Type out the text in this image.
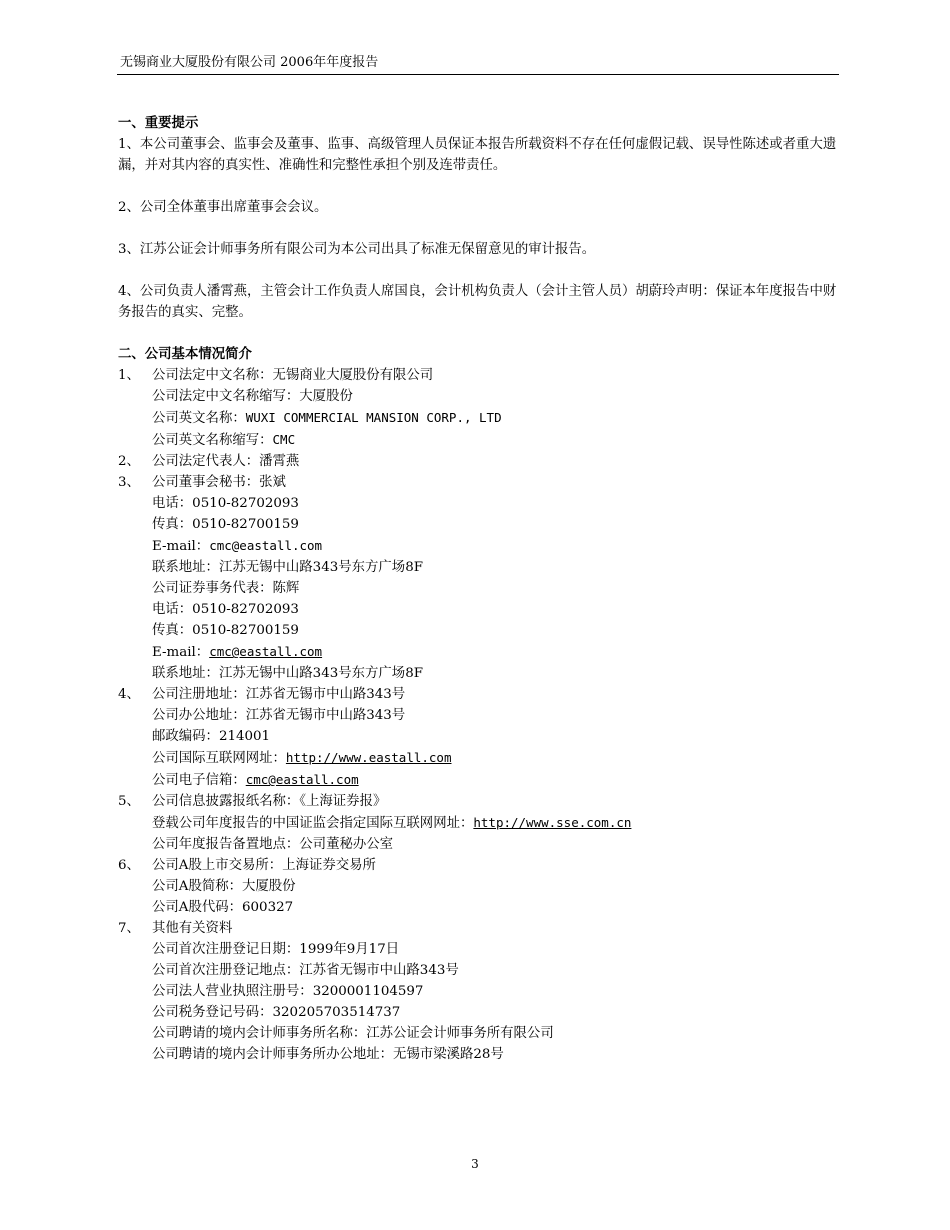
无锡商业大厦股份有限公司 2006年年度报告
一、重要提示
1、本公司董事会、监事会及董事、监事、高级管理人员保证本报告所载资料不存在任何虚假记载、误导性陈述或者重大遗漏，并对其内容的真实性、准确性和完整性承担个别及连带责任。
2、公司全体董事出席董事会会议。
3、江苏公证会计师事务所有限公司为本公司出具了标准无保留意见的审计报告。
4、公司负责人潘霄燕，主管会计工作负责人席国良，会计机构负责人（会计主管人员）胡蔚玲声明：保证本年度报告中财务报告的真实、完整。
二、公司基本情况简介
1、 公司法定中文名称：无锡商业大厦股份有限公司
公司法定中文名称缩写：大厦股份
公司英文名称：WUXI COMMERCIAL MANSION CORP., LTD
公司英文名称缩写：CMC
2、 公司法定代表人：潘霄燕
3、 公司董事会秘书：张斌
电话：0510-82702093
传真：0510-82700159
E-mail：cmc@eastall.com
联系地址：江苏无锡中山路343号东方广场8F
公司证券事务代表：陈辉
电话：0510-82702093
传真：0510-82700159
E-mail：cmc@eastall.com
联系地址：江苏无锡中山路343号东方广场8F
4、 公司注册地址：江苏省无锡市中山路343号
公司办公地址：江苏省无锡市中山路343号
邮政编码：214001
公司国际互联网网址：http://www.eastall.com
公司电子信箱：cmc@eastall.com
5、 公司信息披露报纸名称：《上海证券报》
登载公司年度报告的中国证监会指定国际互联网网址：http://www.sse.com.cn
公司年度报告备置地点：公司董秘办公室
6、 公司A股上市交易所：上海证券交易所
公司A股简称：大厦股份
公司A股代码：600327
7、 其他有关资料
公司首次注册登记日期：1999年9月17日
公司首次注册登记地点：江苏省无锡市中山路343号
公司法人营业执照注册号：3200001104597
公司税务登记号码：320205703514737
公司聘请的境内会计师事务所名称：江苏公证会计师事务所有限公司
公司聘请的境内会计师事务所办公地址：无锡市梁溪路28号
3
